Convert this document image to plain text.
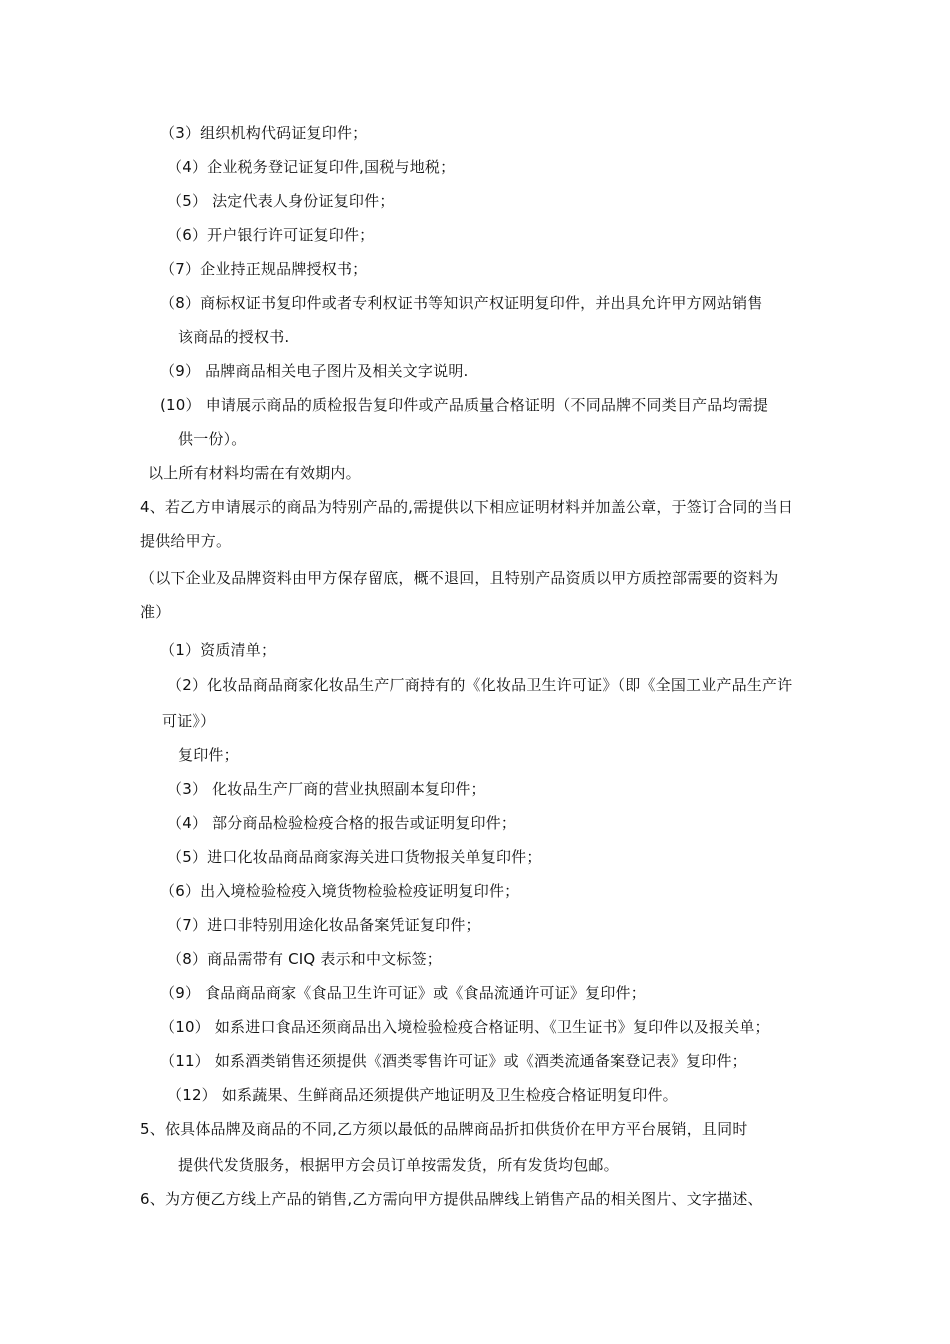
（3）组织机构代码证复印件；
（4）企业税务登记证复印件,国税与地税；
（5） 法定代表人身份证复印件；
（6）开户银行许可证复印件；
（7）企业持正规品牌授权书；
（8）商标权证书复印件或者专利权证书等知识产权证明复印件，并出具允许甲方网站销售
该商品的授权书.
（9） 品牌商品相关电子图片及相关文字说明.
(10） 申请展示商品的质检报告复印件或产品质量合格证明（不同品牌不同类目产品均需提
供一份）。
以上所有材料均需在有效期内。
4、若乙方申请展示的商品为特别产品的,需提供以下相应证明材料并加盖公章，于签订合同的当日
提供给甲方。
（以下企业及品牌资料由甲方保存留底，概不退回，且特别产品资质以甲方质控部需要的资料为
准）
（1）资质清单；
（2）化妆品商品商家化妆品生产厂商持有的《化妆品卫生许可证》（即《全国工业产品生产许
可证》）
复印件；
（3） 化妆品生产厂商的营业执照副本复印件；
（4） 部分商品检验检疫合格的报告或证明复印件；
（5）进口化妆品商品商家海关进口货物报关单复印件；
（6）出入境检验检疫入境货物检验检疫证明复印件；
（7）进口非特别用途化妆品备案凭证复印件；
（8）商品需带有 CIQ 表示和中文标签；
（9） 食品商品商家《食品卫生许可证》或《食品流通许可证》复印件；
（10） 如系进口食品还须商品出入境检验检疫合格证明、《卫生证书》复印件以及报关单；
（11） 如系酒类销售还须提供《酒类零售许可证》或《酒类流通备案登记表》复印件；
（12） 如系蔬果、生鲜商品还须提供产地证明及卫生检疫合格证明复印件。
5、依具体品牌及商品的不同,乙方须以最低的品牌商品折扣供货价在甲方平台展销，且同时
提供代发货服务，根据甲方会员订单按需发货，所有发货均包邮。
6、为方便乙方线上产品的销售,乙方需向甲方提供品牌线上销售产品的相关图片、文字描述、
